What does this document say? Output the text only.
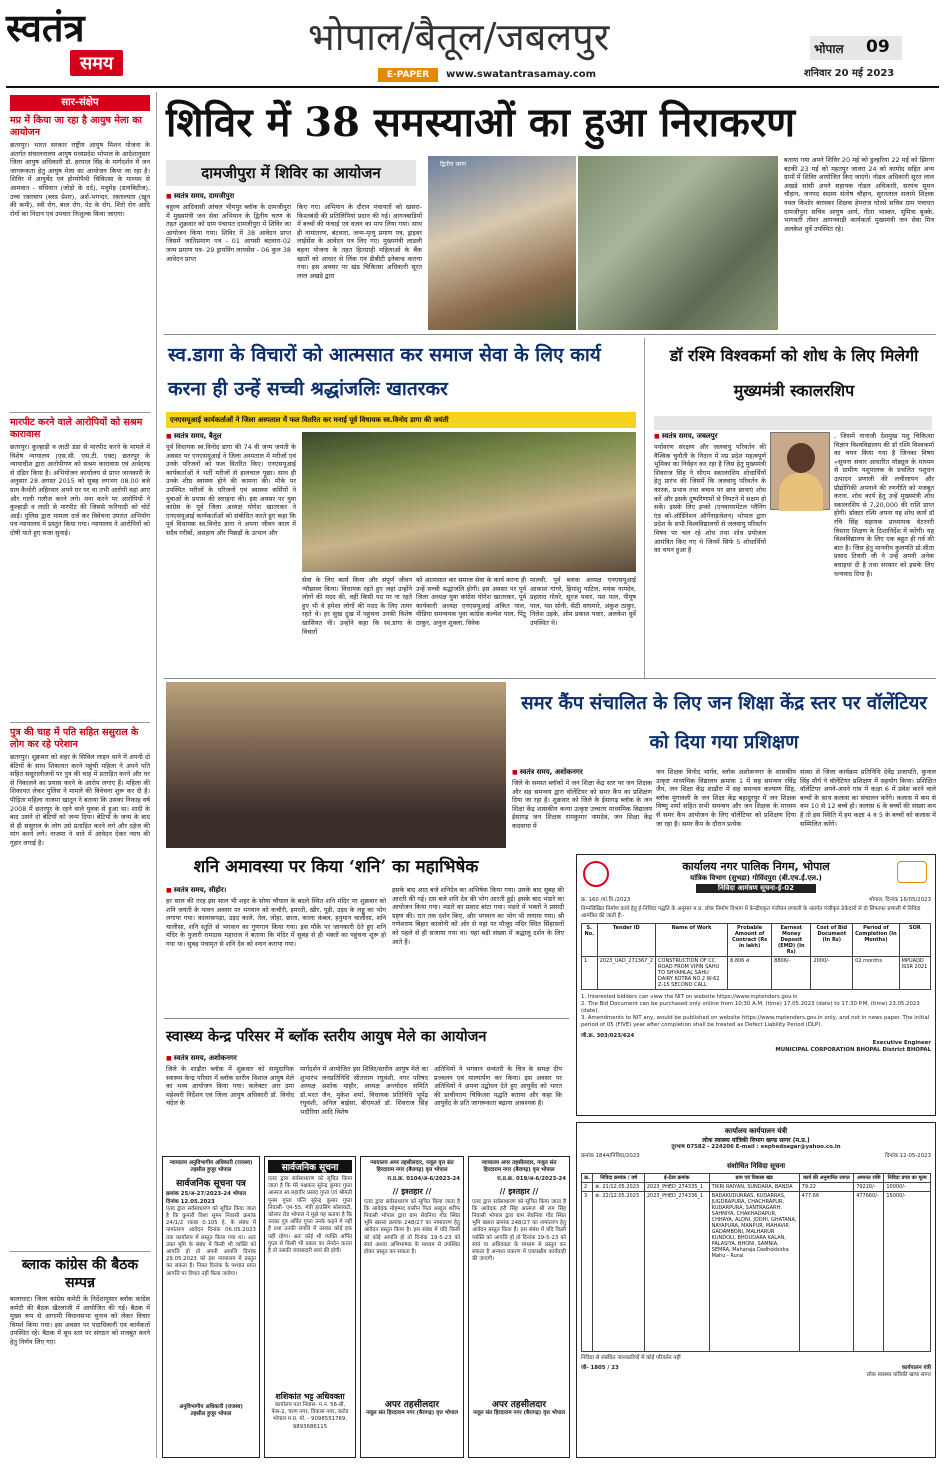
स्वतंत्र
समय
भोपाल/बैतूल/जबलपुर
E-PAPER	www.swatantrasamay.com
भोपाल 09
शनिवार 20 मई 2023
सार-संक्षेप
मप्र में किया जा रहा है आयुष मेला का आयोजन
छतरपुर। भारत सरकार राष्ट्रीय आयुष मिशन योजना के अंतर्गत संचालनालय आयुष मध्यप्रदेश भोपाल के आदेशानुसार जिला आयुष अधिकारी डॉ. हरपाल सिंह के मार्गदर्शन में जन जागरूकता हेतु आयुष मेला का आयोजन किया जा रहा है। शिविर में आयुर्वेद एवं होम्योपैथी चिकित्सा के माध्यम से आमवात - संधिवात (जोड़ो के दर्द), मधुमेह (डायबिटीज), उच्च रक्तचाप (ब्लड प्रेशर), अर्श-भगन्दर, रक्ताल्पता (खून की कमी), स्त्री रोग, बाल रोग, पेट के रोग, शिरो रोग आदि रोगों का निदान एवं उपचार निःशुल्क किया जाएगा।
मारपीट करने वाले आरोपियों को सश्रम कारावास
छतरपुर। कुल्हाड़ी व लाठी डंडा से मारपीट करने के मामले में विशेष न्यायालय (एस.सी. एस.टी. एक्ट) छतरपुर के न्यायाधीश द्वारा आरोपीगण को सश्रम कारावास एवं अर्थदण्ड से दंडित किया है। अभियोजन कार्यालय से प्राप्त जानकारी के अनुसार 28 अगस्त 2015 को सुबह लगभग 08.00 बजे ग्राम कैथोरी अहिरवार अपने घर पर था तभी आरोपी वहां आए और गाली गलौज करने लगे। मना करने पर आरोपियों ने कुल्हाड़ी व लाठी से मारपीट की जिससे फरियादी को चोटें आईं। पुलिस द्वारा मामला दर्ज कर विवेचना उपरांत अभियोग पत्र न्यायालय में प्रस्तुत किया गया। न्यायालय ने आरोपियों को दोषी पाते हुए सजा सुनाई।
पुत्र की चाह में पति सहित ससुराल के लोग कर रहे परेशान
छतरपुर। शुक्रवार को शहर के सिविल लाइन थाने में अपनी दो बेटियों के साथ शिकायत करने पहुंची महिला ने अपने पति सहित ससुरालीजनों पर पुत्र की चाह में प्रताड़ित करने और घर से निकालने का प्रयास करने के आरोप लगाए हैं। महिला की शिकायत लेकर पुलिस ने मामले की विवेचना शुरू कर दी है। पीड़िता महिला नाजमा खातून ने बताया कि उसका निकाह वर्ष 2008 में छतरपुर के रहने वाले युवक से हुआ था। शादी के बाद उसने दो बेटियों को जन्म दिया। बेटियों के जन्म के बाद से ही ससुराल के लोग उसे प्रताड़ित करने लगे और दहेज की मांग करने लगे। नाजमा ने थाने में आवेदन देकर न्याय की गुहार लगाई है।
ब्लाक कांग्रेस की बैठक सम्पन्न
बालाघाट। जिला कांग्रेस कमेटी के निर्देशानुसार ब्लॉक कांग्रेस कमेटी की बैठक खैरलांजी में आयोजित की गई। बैठक में मुख्य रूप से आगामी विधानसभा चुनाव को लेकर विचार विमर्श किया गया। इस अवसर पर पदाधिकारी एवं कार्यकर्ता उपस्थित रहे। बैठक में बूथ स्तर पर संगठन को मजबूत करने हेतु निर्णय लिए गए।
शिविर में 38 समस्याओं का हुआ निराकरण
दामजीपुरा में शिविर का आयोजन
■ स्वतंत्र समय, दामजीपुरा
बहुल्य आदिवासी आंचल भीमपुर ब्लॉक के दामजीपुरा में मुख्यमंत्री जन सेवा अभियान के द्वितीय चरण के तहत शुक्रवार को ग्राम पंचायत दामजीपुरा में शिविर का आयोजन किया गया। शिविर में 38 आवेदन प्राप्त जिसमें जातिप्रमाण पत्र - 01 आपसी बटवारा-02 जन्म प्रमाण पत्र- 29 ड्रायविंग लायसेंस - 06 कुल 38 आवेदन प्राप्त
किए गए। अभियान के दौरान पंचायतों को खसरा-किश्तबंदी की प्रतिलिपियां प्रदान की गई। आगनबाडियों में बच्चों की फंचाई एवं वजन का माप लिया गया। साथ ही नामांतरण, बंटवारा, जन्म-मृत्यु प्रमाण पत्र, ड्राइवर लाईसेंस के आवेदन पत्र लिए गए। मुख्यमंत्री लाडली बहना योजना के तहत हितग्राही महिलाओं के बैंक खातों को आधार से लिंक एवं डीबीटी इनेबल्ड कराया गया। इस अवसर पर खंड चिकित्सा अधिकारी सूरत लाल अखडे द्वारा
द्वितीय चरण
बताया गया अपने शिविर 20 मई को डुल्हरिया 22 मई को झिरना बटकी 23 मई को महतपुर जावरा 24 को कामोद सहित अन्य ग्रामों में शिविर आयोजित किए जाएंगे। नोडल अधिकारी सूरत लाल अखडे सांसी अपने सहायक नोडल अधिकारी, सरपंच सुमन चौहान, जनपद सदस्य संतोष चौहान, सुरतलाल सलामे शिक्षक नवल किशोर बारस्कर शिक्षक हेमराज घोरसे सचिव ग्राम पंचायत दामजीपुरा सचिव आयुष आर्य, गीता भास्कर, सुमित्रा बुक्के, भागवती तोमर आगनवाड़ी कार्यकर्ता मुख्यमंत्री जन सेवा मित्र अलकेश धुर्वे उपस्थित रहे।
स्व.डागा के विचारों को आत्मसात कर समाज सेवा के लिए कार्य करना ही उन्हें सच्ची श्रद्धांजलिः खातरकर
एनएसयूआई कार्यकर्ताओं ने जिला अस्पताल में फल वितरित कर मनाई पूर्व विधायक स्व.विनोद डागा की जयंती
■ स्वतंत्र समय, बैतूल
पूर्व विधायक स्व.विनोद डागा की 74 वी जन्म जयंती के अवसर पर एनएसयूआई ने जिला अस्पताल में मरीजों एवं उनके परिजनों को फल वितरित किए। एनएसयूआई कार्यकर्ताओं ने भर्ती मरीजों से हालचाल पूछा। साथ ही उनके शीघ्र स्वास्थ्य होने की कामना की। मौके पर उपस्थित मरीजों के परिजनों एवं स्वास्थ्य कर्मियों ने युवाओं के प्रयास की सराहना की। इस अवसर पर युवा कांग्रेस के पूर्व जिला अध्यक्ष योगेश खातरकर ने एनएसयूआई कार्यकर्ताओं को संबोधित करते हुए कहा कि पूर्व विधायक स्व.विनोद डागा ने अपना जीवन काल में सदैव गरीबों, असहाय और पिछड़ों के उत्थान और
सेवा के लिए कार्य किया और संपूर्ण जीवन न्यौछावर किया। विधायक रहते हुए जहां उन्होंने लोगों की मदद की, वहीं किसी पद पर ना रहते हुए भी वे हमेशा लोगों की मदद के लिए तत्पर रहते थे। हर सुख दुख में पहुंचना उनकी विशेष खासियत थी। उन्होंने कहा कि स्व.डागा के विचारों
को आत्मसात कर समाज सेवा के कार्य करना ही उन्हें सच्ची श्रद्धांजलि होगी। इस अवसर पर पूर्व जिला अध्यक्ष युवा कांग्रेस योगेश खातरकर, पूर्व कार्यकारी अध्यक्ष एनएसयूआई अंकित पाल, मीडिया समन्वयक युवा कांग्रेस कल्पेश पाल, पिंटू ठाकुर, अनुज शुक्ला, विवेक
मालवी, पूर्व ब्लाक अध्यक्ष एनएसयूआई आकाश गांगरे, हिमांशु पाटिल, मयंक नामदेव, प्रहलाद गोयरे, सूरज पवार, यश पाल, पीयूष पाल, यश सोनी, सेठी वाघमारे, अंकुश ठाकुर, निलेश उइके, ओम प्रकाश पवार, अलकेश धुर्वे उपस्थित थे।
डॉ रश्मि विश्वकर्मा को शोध के लिए मिलेगी मुख्यमंत्री स्कालरशिप
■ स्वतंत्र समय, जबलपुर
पर्यावरण संरक्षण और जलवायु परिवर्तन की वैश्विक चुनौती के निदान में मप्र प्रदेश महत्वपूर्ण भूमिका का निर्वहन कर रहा है जिस हेतु मुख्यमंत्री शिवराज सिंह ने सीएम स्कालरशिप शोधार्थियों हेतु प्रारंभ की जिसमें कि जलवायु परिवर्तन के कारक, प्रभाव तथा बचाव पर छात्र छात्राएं शोध करें और इसके दुष्परिणामों से निपटने में सक्षम हो सकें। इसके लिए इप्को (एनवायरमेंटल प्लैनिंग एंड को-ऑर्डिनेशन ऑर्गेनाइजेशन) भोपाल द्वारा प्रदेश के सभी विश्वविद्यालयों से जलवायु परिवर्तन विषय पर चल रहे शोध तथा शोध प्रपोजल आमंत्रित किए गए थे जिनमें सिर्फ 5 शोधार्थियों का चयन हुआ है
, जिसमें नानाजी देशमुख पशु चिकित्सा विज्ञान विश्वविद्यालय की डॉ रश्मि विश्वकर्मा का चयन किया गया है जिनका विषय «सूचना संचार आधारित मॉड्यूल के माध्यम से ग्रामीण पशुपालक के प्रचलित पशुधन उत्पादन प्रणाली की लचीलापन और प्रौद्योगिकी अपनाने की रणनीति को मजबूत करना. शोध कार्य हेतु उन्हें मुख्यमंत्री शोध स्कालरशिप से 7,20,000 की राशि प्राप्त होगी। डॉक्टर रश्मि अपना यह शोध कार्य डॉ रचि सिंह सहायक प्राध्यापक वेटरनरी विस्तार शिक्षण के दिशानिर्देश में करेंगी। यह विश्वविद्यालय के लिए एक बहुत ही गर्व की बात है। जिस हेतु माननीय कुलपति प्रो.सीता प्रसाद तिवारी जी ने उन्हें अपनी अनेक बधाइयां दी है तथा सरकार को इसके लिए धन्यवाद दिया है।
समर कैंप संचालित के लिए जन शिक्षा केंद्र स्तर पर वॉलेंटियर को दिया गया प्रशिक्षण
■ स्वतंत्र समय, अशोकनगर
जिले के समस्त ब्लॉकों में जन शिक्षा केंद्र स्तर पर जन शिक्षक और सह समन्वय द्वारा वॉलेंटियर को समर कैंप का प्रशिक्षण दिया जा रहा है। शुक्रवार को जिले के ईसागढ़ ब्लॉक के जन शिक्षा केंद्र शासकीय कन्या उत्कृष्ट उच्चतर माध्यमिक विद्यालय ईसागढ़ जन शिक्षक रामकुमार नामदेव, जन शिक्षा केंद्र कदवाया में
जन शिक्षक विनोद भार्गव, ब्लॉक अशोकनगर के शासकीय उत्कृष्ट माध्यमिक विद्यालय क्रमांक 1 में सह समन्वय रविंद्र जैन, जन शिक्षा केंद्र शाढौरा में सह समन्वय कल्याण सिंह, ब्लॉक मुंगावली के जन शिक्षा केंद्र बहादुरपुर में जन शिक्षक विष्णु शर्मा सहित सभी समन्वय और जन शिक्षक के माध्यम से समर कैंप आयोजन के लिए वॉलेंटियर को प्रशिक्षण दिया जा रहा है। समर कैंप के दौरान प्रत्येक
संस्था से जिला कार्यक्रम प्रतिनिधि देवेंद्र प्रजापति, कुनाल सिंह मौर्य ने वॉलेंटियर प्रशिक्षण में सहयोग किया। प्रशिक्षित वॉलेंटियर अपने-अपने गांव में कक्षा 6 में प्रवेश करने वाले बच्चों के साथ कलास का संचालन करेंगे। कलास में कम से कम 10 से 12 बच्चे हो। कलास 6 के बच्चों की संख्या कम है तो इस स्थिति में हम कक्षा 4 व 5 के बच्चों को कलास में सम्मिलित करेंगे।
शनि अमावस्या पर किया ‘शनि’ का महाभिषेक
■ स्वतंत्र समय, सीहोर।
हर साल की तरह इस साल भी शहर के सोया चौपाल के बदले स्थित शनि मंदिर पर शुक्रवार को शनि जयंती के पावन अवसर पर भगवान को कचौरी, इमरती, खीर, पूड़ी, उड़द के लड्डू का भोग लगाया गया। कालाकपड़ा, उड़द काले, तेल, लोहा, छाता, काला कंबल, हनुमान चालीसा, शनि चालीसा, शनि स्तुति से भगवान का गुणगान किया गया। इस मौके पर जानकारी देते हुए शनि मंदिर के पुजारी रामदास महाराज ने बताया कि मंदिर में सुबह से ही भक्तों का पहुंचना शुरू हो गया था। सुबह पंचामृत से शनि देव को स्नान कराया गया।
इसके बाद आठ बजे शनिदेव का अभिषेक किया गया। उसके बाद सुबह की आरती की गई। दस बजे शनि देव की भोग आरती हुई। इसके बाद भंडारे का आयोजन किया गया। भंडारे का प्रसाद बांटा गया। भंडारे में भक्तों ने प्रसादी ग्रहण की। रात तक दर्शन किए, और भगवान का भोग भी लगाया गया। श्री गणेशराम बिहार कालोनी को ओर से यहां पर मौजूद मंदिर स्थित सिंहासनों को पहले से ही सजाया गया था। यहां बड़ी संख्या में श्रद्धालु दर्शन के लिए आते हैं।
स्वास्थ्य केन्द्र परिसर में ब्लॉक स्तरीय आयुष मेले का आयोजन
■ स्वतंत्र समय, अशोकनगर
जिले के शाढ़ौरा ब्लॉक में शुक्रवार को सामुदायिक स्वास्थ्य केन्द्र परिसर में ब्लॉक स्तरीय विशाल आयुष मेले का भव्य आयोजन किया गया। कलेक्टर आर उमा महेश्वरी निर्देशन एवं जिला आयुष अधिकारी डॉ. विनोद चंदेल के
मार्गदर्शन में आयोजित इस शिविर/स्तरीय आयुष मेले का शुभारंभ जनप्रतिनिधि सीताराम रघुवंशी, नगर परिषद अध्यक्ष अशोक माहौर, अध्यक्ष अन्त्योदय समिति डॉ.भरत जैन, मुकेश शर्मा, विधायक प्रतिनिधि भूपेंद्र रघुवंशी, अनिल बाईसा, बीएमओ डॉ. शिवराज सिंह भदौरिया आदि विशेष
अतिथियों ने भगवान धन्वंतरी के चित्र के समक्ष दीप प्रज्वलन एवं माल्यार्पण कर किया। इस अवसर पर अतिथियों ने अपना उद्बोधन देते हुए आयुर्वेद को भारत की प्राचीनतम चिकित्सा पद्धति बताया और कहा कि आयुर्वेद के प्रति जागरूकता बढ़ाना आवश्यक है।
कार्यालय नगर पालिक निगम, भोपाल
यांत्रिक विभाग (सुभद्रा) गोविंदपुरा (बी.एच.ई.एल.)
निविदा आमंत्रण सूचना-ई-02
क्र. 160 /यां.वि./2023	भोपाल, दिनांक 16/05/2023
निम्नलिखित निर्माण कार्य हेतु ई-निविदा पद्धति के अनुसार म.प्र. लोक निर्माण विभाग में केन्द्रीयकृत पंजीयन प्रणाली के अंतर्गत पंजीकृत ठेकेदारों से दो लिफाफा प्रणाली में निविदा आमंत्रित की जाती हैं:-
S. No.	Tender ID	Name of Work	Probable Amount of Contract (Rs in lakh)	Earnest Money Deposit (EMD) (In Rs)	Cost of Bid Document (In Rs)	Period of Completion (In Months)	SOR
1	2023_UAD_271367_2	CONSTRUCTION OF CC ROAD FROM VIPIN SAHU TO SHYAMLAL SAHU DAIRY KOTRA NO.2 W-62 Z-15 SECOND CALL	8.806 ल.	8806/-	2000/-	02 months	MPUADD ISSR 2021
1. Interested bidders can view the NIT on website https://www.mptenders.gov.in
2. The Bid Document can be purchased only online from 10:30 A.M. (time) 17.05.2023 (date) to 17:30 P.M. (time) 23.05.2023 (date).
3. Amendments to NIT any, would be published on website https://www.mptenders.gov.in only, and not in news paper. The initial period of 05 (FIVE) year after completion shall be treated as Defect Liability Period (DLP).
जी.क्र. 303/023/624
Executive Engineer
MUNICIPAL CORPORATION BHOPAL District BHOPAL
कार्यालय कार्यपालन यंत्री
लोक स्वास्थ्य यांत्रिकी विभाग खण्ड सागर (म.प्र.)
दूरभाष 07582 - 224206 E-mail : eephedsagar@yahoo.co.in
क्रमांक 1844/निविदा/2023	दिनांक 12-05-2023
संशोधित निविदा सूचना
क्र.	निविदा क्रमांक / वर्ष	ई-टेंडर क्रमांक	ग्राम एवं विकास खंड	कार्य की अनुमानित लागत	अमानत राशि	निविदा प्रपत्र का मूल्य
2	क्र. 21/12.05.2023	2023_PHED_274335_1	TIKRI RAIYAN, SUNDARA, BANDA	79.22	79220/-	10000/-
3	क्र. 22/12.05.2023	2023_PHED_274336_1	BADAKUDURRAS, KUDARRAS, JUGDRAPURA, CHACHRAPUR, KUDARPURA, SANTRAGARH, SAHNIYA, CHAKHADAPUR, CHHAYA, ALONI, JODHI, GHATANA, NAYAPURA, MANPUR, MAHAVIR GADAMBONI, MALHARUR KUNDOLI, BHOUDARA KALAN, PALASIYA, BHONI, SAMNIA, SEMRA, Maharaja Dadhokbirka Mahu - Rurai	477.66	477660/-	15000/-
निविदा से संबंधित जानकारियों में कोई परिवर्तन नहीं
जी- 1805 / 23	कार्यपालन यंत्री
लोक स्वास्थ्य यांत्रिकी खण्ड सागर
न्यायालय अनुविभागीय अधिकारी (राजस्व) तहसील हुजूर भोपाल
सार्वजनिक सूचना पत्र
क्रमांक 25/अ-27/2023-24 भोपाल दिनांक 12.05.2023
एतद द्वारा सर्वसाधारण को सूचित किया जाता है कि कुमारी विशा सुमन निवासी क्रमांक 24/1/2 रकबा 0.105 हे. के संबंध में नामांतरण आवेदन दिनांक 06.05.2023 तक कार्यालय में प्रस्तुत किया गया था। अतः उक्त भूमि के संबंध में किसी भी व्यक्ति को आपत्ति हो तो अपनी आपत्ति दिनांक 29.05.2023 को इस न्यायालय में प्रस्तुत कर सकता है। नियत दिनांक के पश्चात प्राप्त आपत्ति पर विचार नहीं किया जावेगा।
अनुविभागीय अधिकारी (राजस्व)
तहसील हुजूर भोपाल
सार्वजनिक सूचना
एतद द्वारा सर्वसाधारण को सूचित किया जाता है कि मेरे पक्षकार सुरेन्द्र कुमार गुप्ता आत्मज स्व.महावीर प्रसाद गुप्ता एवं श्रीमती पूनम गुप्ता पत्नि सुरेन्द्र कुमार गुप्ता निवासी- एम-55, मंत्री हाउसिंग सोसायटी, कोलार रोड भोपाल ने मुझे यह बताया है कि उनका पुत्र अर्पित गुप्ता उनके कहने में नहीं है तथा उनकी संपत्ति में उसका कोई हक नहीं रहेगा। अतः कोई भी व्यक्ति अर्पित गुप्ता से किसी भी प्रकार का लेनदेन करता है तो उसकी जवाबदारी स्वयं की होगी।
शशिकांत भट्ट अधिवक्ता
कार्यालय पता निवास- म.न. 56-बी, फेस-2, चरण नगर, विकास नगर, करोद भोपाल म.प्र. मो. - 9098551769, 9893686115
न्यायालय अपर तहसीलदार, नजूल वृत्त संत हिरदाराम नगर (बैरागढ़) वृत्त भोपाल
रा.प्र.क्र. 0104/अ-6/2023-24
// इश्तहार //
एतद द्वारा सर्वसाधारण को सूचित किया जाता है कि आवेदक मोहम्मद यासीन पिता अब्दुल शरीफ निवासी भोपाल द्वारा ग्राम सेवनिया गोंड स्थित भूमि खसरा क्रमांक 248/27 का नामांतरण हेतु आवेदन प्रस्तुत किया है। इस संबंध में यदि किसी को कोई आपत्ति हो तो दिनांक 19-5-23 को स्वयं अथवा अभिभाषक के माध्यम से उपस्थित होकर प्रस्तुत कर सकता है।
अपर तहसीलदार
नजूल संत हिरदाराम नगर (बैरागढ़) वृत्त भोपाल
न्यायालय अपर तहसीलदार, नजूल संत हिरदाराम नगर (बैरागढ़) वृत्त भोपाल
रा.प्र.क्र. 019/अ-6/2023-24
// इश्तहार //
एतद द्वारा सर्वसाधारण को सूचित किया जाता है कि आवेदक हरी सिंह आत्मज श्री राम सिंह निवासी भोपाल द्वारा ग्राम सेवनिया गोंड स्थित भूमि खसरा क्रमांक 248/27 का नामांतरण हेतु आवेदन प्रस्तुत किया है। इस संबंध में यदि किसी व्यक्ति को आपत्ति हो तो दिनांक 19-5-23 को स्वयं या अधिवक्ता के माध्यम से प्रस्तुत कर सकता है अन्यथा प्रकरण में एकपक्षीय कार्यवाही की जाएगी।
अपर तहसीलदार
नजूल संत हिरदाराम नगर (बैरागढ़) वृत्त भोपाल
